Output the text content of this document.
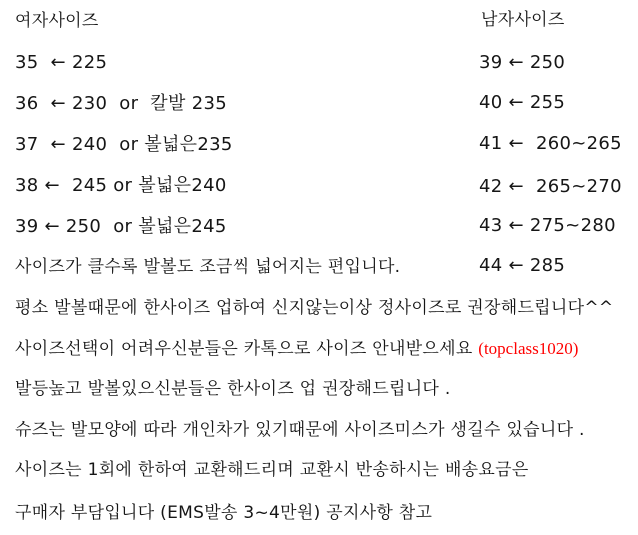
여자사이즈
35  ← 225
36  ← 230  or  칼발 235
37  ← 240  or 볼넓은235
38 ←  245 or 볼넓은240
39 ← 250  or 볼넓은245
남자사이즈
39 ← 250
40 ← 255
41 ←  260~265
42 ←  265~270
43 ← 275~280
44 ← 285
사이즈가 클수록 발볼도 조금씩 넓어지는 편입니다.
평소 발볼때문에 한사이즈 업하여 신지않는이상 정사이즈로 권장해드립니다^^
사이즈선택이 어려우신분들은 카톡으로 사이즈 안내받으세요 (topclass1020)
발등높고 발볼있으신분들은 한사이즈 업 권장해드립니다 .
슈즈는 발모양에 따라 개인차가 있기때문에 사이즈미스가 생길수 있습니다 .
사이즈는 1회에 한하여 교환해드리며 교환시 반송하시는 배송요금은
구매자 부담입니다 (EMS발송 3~4만원) 공지사항 참고
